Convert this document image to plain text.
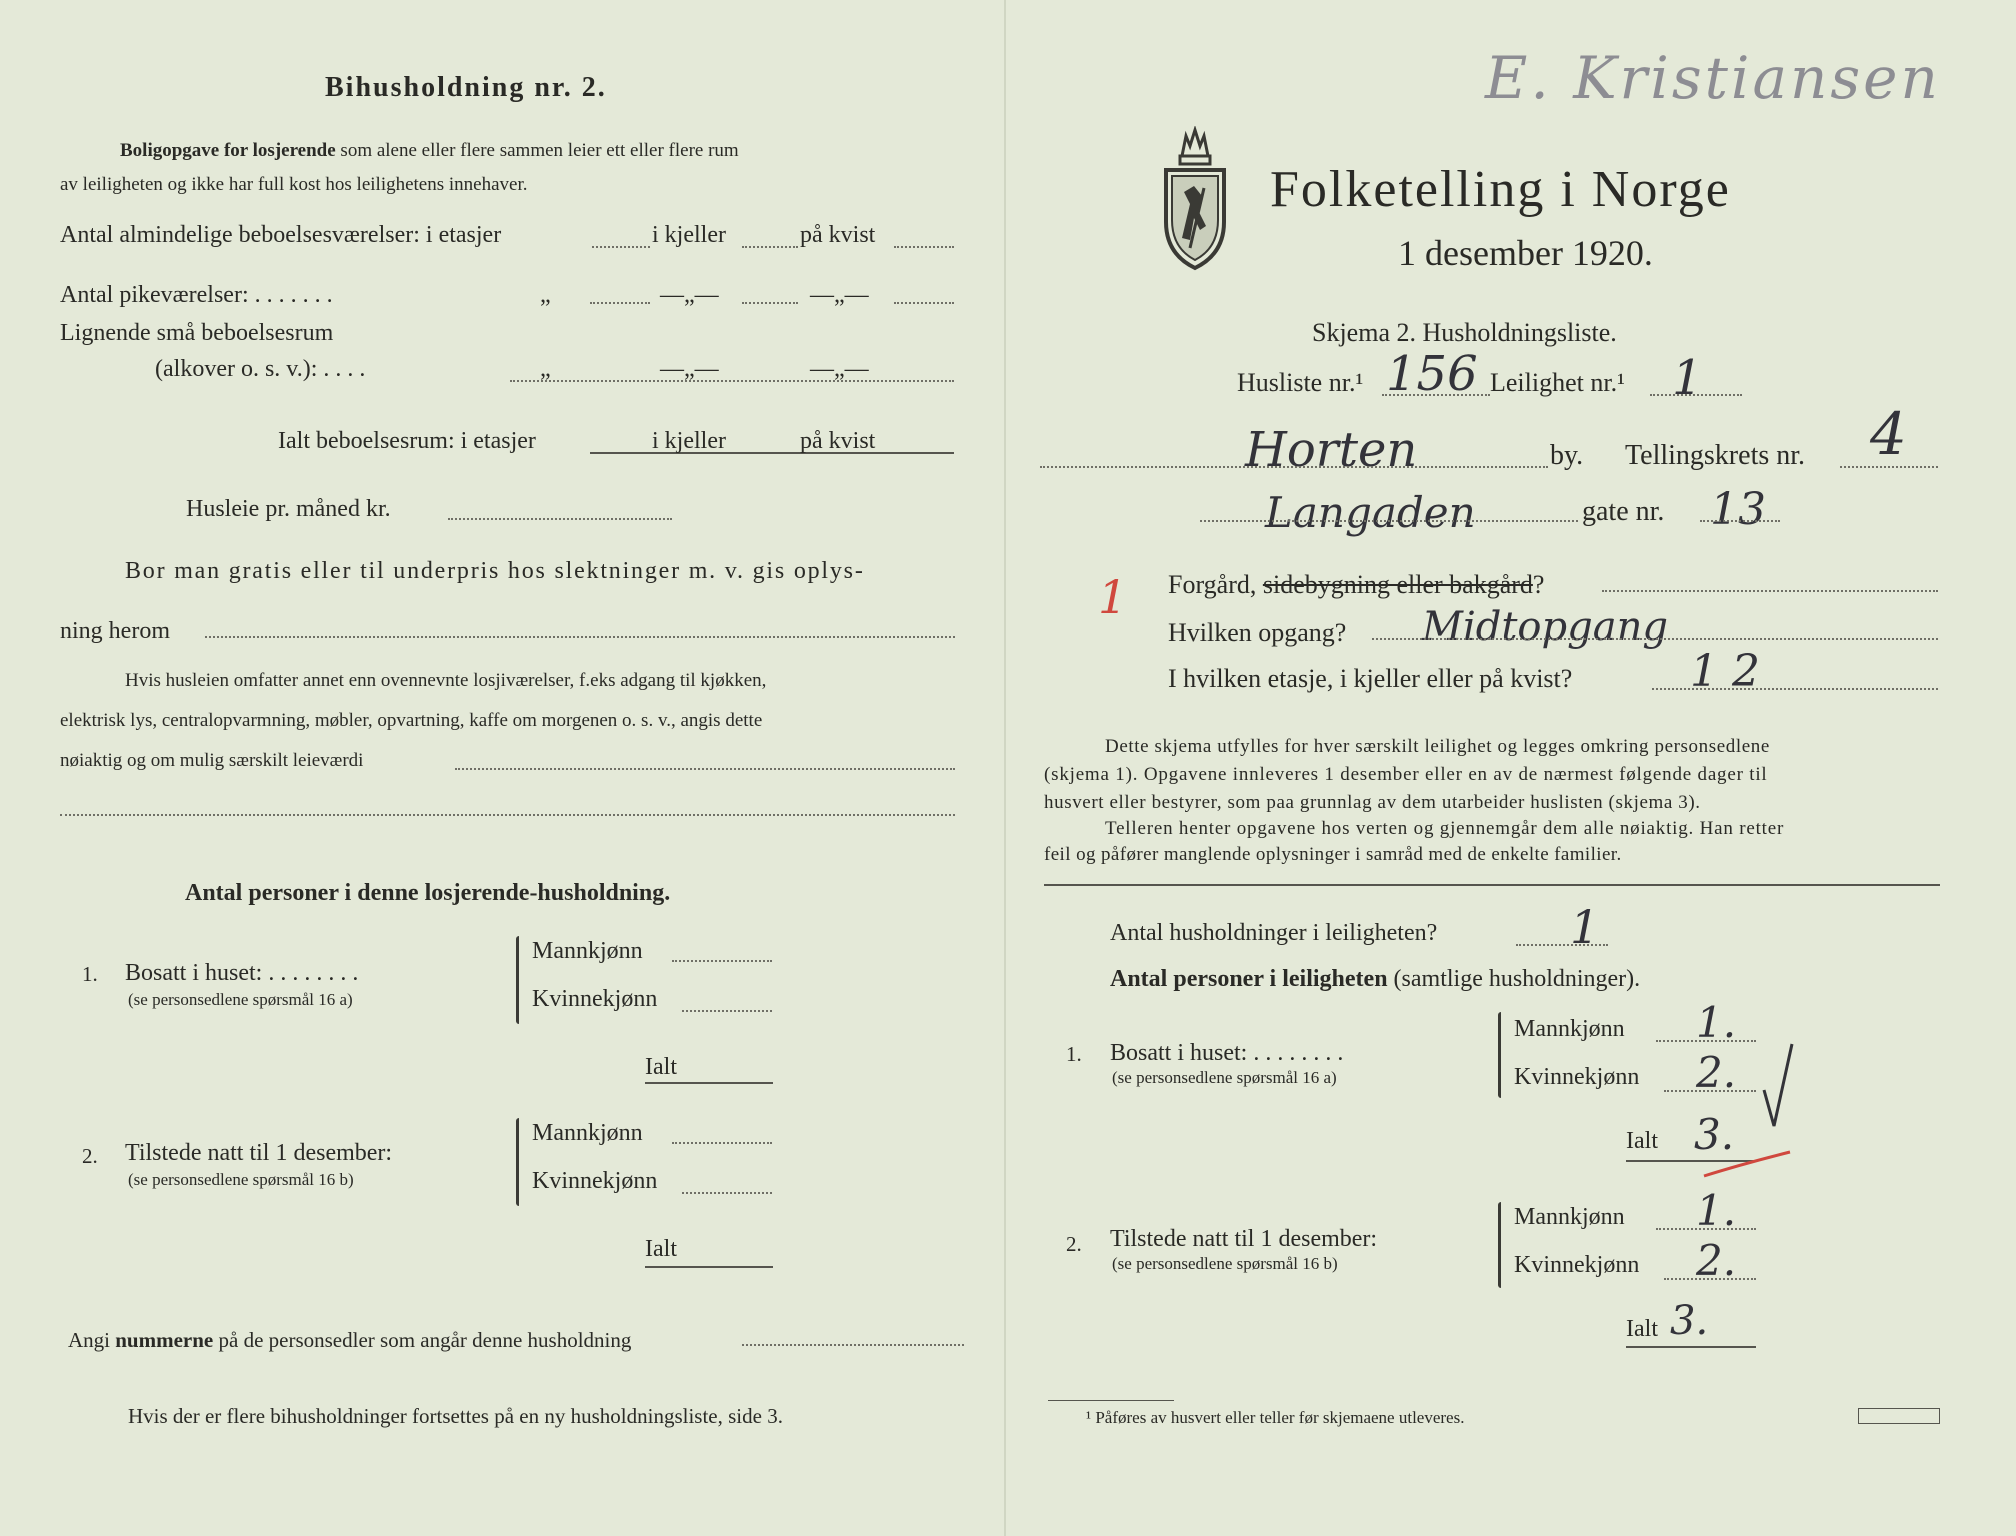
Bihusholdning nr. 2.
Boligopgave for losjerende som alene eller flere sammen leier ett eller flere rum
av leiligheten og ikke har full kost hos leilighetens innehaver.
Antal almindelige beboelsesværelser: i etasjer	i kjeller	på kvist
Antal pikeværelser: . . . . . . .	„	—„—	—„—
Lignende små beboelsesrum
(alkover o. s. v.): . . . .	„	—„—	—„—
Ialt beboelsesrum: i etasjer	i kjeller	på kvist
Husleie pr. måned kr.
Bor man gratis eller til underpris hos slektninger m. v. gis oplys-
ning herom
Hvis husleien omfatter annet enn ovennevnte losjiværelser, f.eks adgang til kjøkken,
elektrisk lys, centralopvarmning, møbler, opvartning, kaffe om morgenen o. s. v., angis dette
nøiaktig og om mulig særskilt leieværdi
Antal personer i denne losjerende-husholdning.
1. Bosatt i huset: . . . . . . . .
(se personsedlene spørsmål 16 a)
Mannkjønn
Kvinnekjønn
Ialt
2. Tilstede natt til 1 desember:
(se personsedlene spørsmål 16 b)
Mannkjønn
Kvinnekjønn
Ialt
Angi nummerne på de personsedler som angår denne husholdning
Hvis der er flere bihusholdninger fortsettes på en ny husholdningsliste, side 3.
E. Kristiansen
Folketelling i Norge
1 desember 1920.
Skjema 2. Husholdningsliste.
Husliste nr.¹ 156 Leilighet nr.¹ 1
Horten	by. Tellingskrets nr. 4
Langaden	gate nr. 13
1 Forgård, sidebygning eller bakgård?
Hvilken opgang? Midtopgang
I hvilken etasje, i kjeller eller på kvist?	1 2
Dette skjema utfylles for hver særskilt leilighet og legges omkring personsedlene
(skjema 1). Opgavene innleveres 1 desember eller en av de nærmest følgende dager til
husvert eller bestyrer, som paa grunnlag av dem utarbeider huslisten (skjema 3).
Telleren henter opgavene hos verten og gjennemgår dem alle nøiaktig. Han retter
feil og påfører manglende oplysninger i samråd med de enkelte familier.
Antal husholdninger i leiligheten?	1
Antal personer i leiligheten (samtlige husholdninger).
1. Bosatt i huset: . . . . . . . .
(se personsedlene spørsmål 16 a)
Mannkjønn 1.
Kvinnekjønn 2.
Ialt 3.
2. Tilstede natt til 1 desember:
(se personsedlene spørsmål 16 b)
Mannkjønn 1.
Kvinnekjønn 2.
Ialt 3.
¹ Påføres av husvert eller teller før skjemaene utleveres.
